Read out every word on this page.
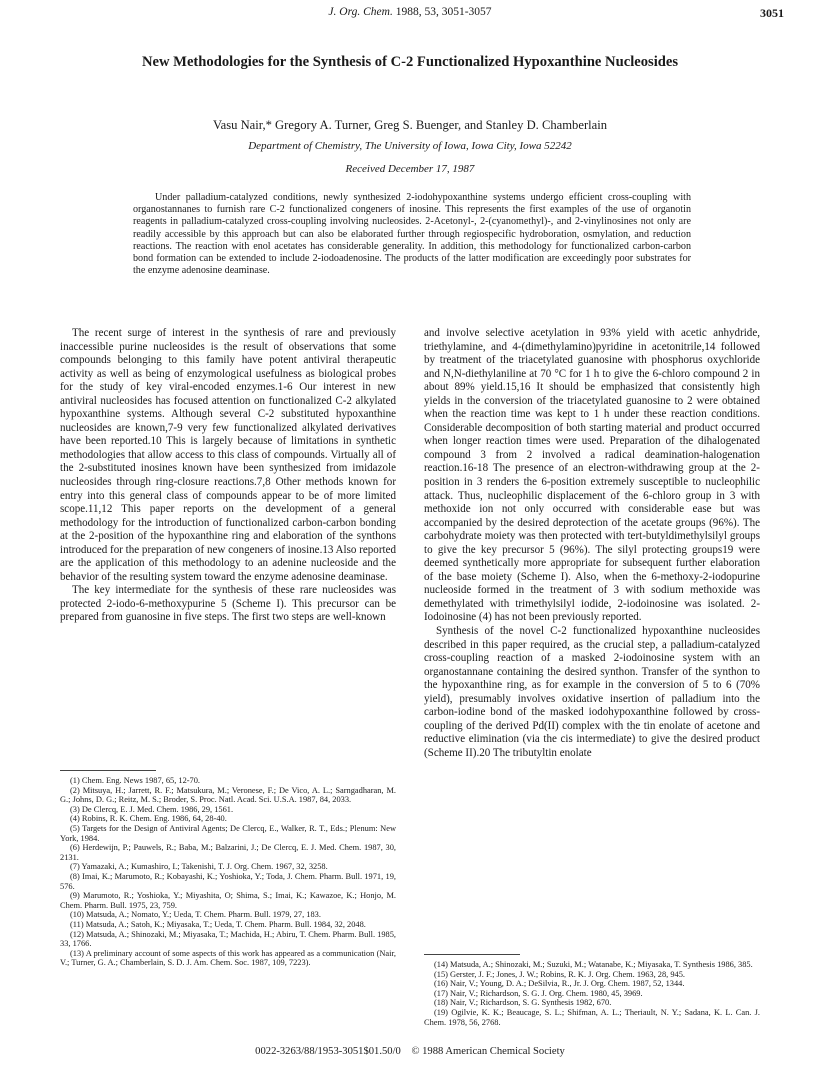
J. Org. Chem. 1988, 53, 3051-3057	3051
New Methodologies for the Synthesis of C-2 Functionalized Hypoxanthine Nucleosides
Vasu Nair,* Gregory A. Turner, Greg S. Buenger, and Stanley D. Chamberlain
Department of Chemistry, The University of Iowa, Iowa City, Iowa 52242
Received December 17, 1987

Under palladium-catalyzed conditions, newly synthesized 2-iodohypoxanthine systems undergo efficient cross-coupling with organostannanes to furnish rare C-2 functionalized congeners of inosine. This represents the first examples of the use of organotin reagents in palladium-catalyzed cross-coupling involving nucleosides. 2-Acetonyl-, 2-(cyanomethyl)-, and 2-vinylinosines not only are readily accessible by this approach but can also be elaborated further through regiospecific hydroboration, osmylation, and reduction reactions. The reaction with enol acetates has considerable generality. In addition, this methodology for functionalized carbon-carbon bond formation can be extended to include 2-iodoadenosine. The products of the latter modification are exceedingly poor substrates for the enzyme adenosine deaminase.

The recent surge of interest in the synthesis of rare and previously inaccessible purine nucleosides is the result of observations that some compounds belonging to this family have potent antiviral therapeutic activity as well as being of enzymological usefulness as biological probes for the study of key viral-encoded enzymes.1-6 Our interest in new antiviral nucleosides has focused attention on functionalized C-2 alkylated hypoxanthine systems. Although several C-2 substituted hypoxanthine nucleosides are known,7-9 very few functionalized alkylated derivatives have been reported.10 This is largely because of limitations in synthetic methodologies that allow access to this class of compounds. Virtually all of the 2-substituted inosines known have been synthesized from imidazole nucleosides through ring-closure reactions.7,8 Other methods known for entry into this general class of compounds appear to be of more limited scope.11,12 This paper reports on the development of a general methodology for the introduction of functionalized carbon-carbon bonding at the 2-position of the hypoxanthine ring and elaboration of the synthons introduced for the preparation of new congeners of inosine.13 Also reported are the application of this methodology to an adenine nucleoside and the behavior of the resulting system toward the enzyme adenosine deaminase.

The key intermediate for the synthesis of these rare nucleosides was protected 2-iodo-6-methoxypurine 5 (Scheme I). This precursor can be prepared from guanosine in five steps. The first two steps are well-known

and involve selective acetylation in 93% yield with acetic anhydride, triethylamine, and 4-(dimethylamino)pyridine in acetonitrile,14 followed by treatment of the triacetylated guanosine with phosphorus oxychloride and N,N-diethylaniline at 70 °C for 1 h to give the 6-chloro compound 2 in about 89% yield.15,16 It should be emphasized that consistently high yields in the conversion of the triacetylated guanosine to 2 were obtained when the reaction time was kept to 1 h under these reaction conditions. Considerable decomposition of both starting material and product occurred when longer reaction times were used. Preparation of the dihalogenated compound 3 from 2 involved a radical deamination-halogenation reaction.16-18 The presence of an electron-withdrawing group at the 2-position in 3 renders the 6-position extremely susceptible to nucleophilic attack. Thus, nucleophilic displacement of the 6-chloro group in 3 with methoxide ion not only occurred with considerable ease but was accompanied by the desired deprotection of the acetate groups (96%). The carbohydrate moiety was then protected with tert-butyldimethylsilyl groups to give the key precursor 5 (96%). The silyl protecting groups19 were deemed synthetically more appropriate for subsequent further elaboration of the base moiety (Scheme I). Also, when the 6-methoxy-2-iodopurine nucleoside formed in the treatment of 3 with sodium methoxide was demethylated with trimethylsilyl iodide, 2-iodoinosine was isolated. 2-Iodoinosine (4) has not been previously reported.

Synthesis of the novel C-2 functionalized hypoxanthine nucleosides described in this paper required, as the crucial step, a palladium-catalyzed cross-coupling reaction of a masked 2-iodoinosine system with an organostannane containing the desired synthon. Transfer of the synthon to the hypoxanthine ring, as for example in the conversion of 5 to 6 (70% yield), presumably involves oxidative insertion of palladium into the carbon-iodine bond of the masked iodohypoxanthine followed by cross-coupling of the derived Pd(II) complex with the tin enolate of acetone and reductive elimination (via the cis intermediate) to give the desired product (Scheme II).20 The tributyltin enolate

(1) Chem. Eng. News 1987, 65, 12-70.
(2) Mitsuya, H.; Jarrett, R. F.; Matsukura, M.; Veronese, F.; De Vico, A. L.; Sarngadharan, M. G.; Johns, D. G.; Reitz, M. S.; Broder, S. Proc. Natl. Acad. Sci. U.S.A. 1987, 84, 2033.
(3) De Clercq, E. J. Med. Chem. 1986, 29, 1561.
(4) Robins, R. K. Chem. Eng. 1986, 64, 28-40.
(5) Targets for the Design of Antiviral Agents; De Clercq, E., Walker, R. T., Eds.; Plenum: New York, 1984.
(6) Herdewijn, P.; Pauwels, R.; Baba, M.; Balzarini, J.; De Clercq, E. J. Med. Chem. 1987, 30, 2131.
(7) Yamazaki, A.; Kumashiro, I.; Takenishi, T. J. Org. Chem. 1967, 32, 3258.
(8) Imai, K.; Marumoto, R.; Kobayashi, K.; Yoshioka, Y.; Toda, J. Chem. Pharm. Bull. 1971, 19, 576.
(9) Marumoto, R.; Yoshioka, Y.; Miyashita, O; Shima, S.; Imai, K.; Kawazoe, K.; Honjo, M. Chem. Pharm. Bull. 1975, 23, 759.
(10) Matsuda, A.; Nomato, Y.; Ueda, T. Chem. Pharm. Bull. 1979, 27, 183.
(11) Matsuda, A.; Satoh, K.; Miyasaka, T.; Ueda, T. Chem. Pharm. Bull. 1984, 32, 2048.
(12) Matsuda, A.; Shinozaki, M.; Miyasaka, T.; Machida, H.; Abiru, T. Chem. Pharm. Bull. 1985, 33, 1766.
(13) A preliminary account of some aspects of this work has appeared as a communication (Nair, V.; Turner, G. A.; Chamberlain, S. D. J. Am. Chem. Soc. 1987, 109, 7223).	(14) Matsuda, A.; Shinozaki, M.; Suzuki, M.; Watanabe, K.; Miyasaka, T. Synthesis 1986, 385.
(15) Gerster, J. F.; Jones, J. W.; Robins, R. K. J. Org. Chem. 1963, 28, 945.
(16) Nair, V.; Young, D. A.; DeSilvia, R., Jr. J. Org. Chem. 1987, 52, 1344.
(17) Nair, V.; Richardson, S. G. J. Org. Chem. 1980, 45, 3969.
(18) Nair, V.; Richardson, S. G. Synthesis 1982, 670.
(19) Ogilvie, K. K.; Beaucage, S. L.; Shifman, A. L.; Theriault, N. Y.; Sadana, K. L. Can. J. Chem. 1978, 56, 2768.
0022-3263/88/1953-3051$01.50/0 © 1988 American Chemical Society
